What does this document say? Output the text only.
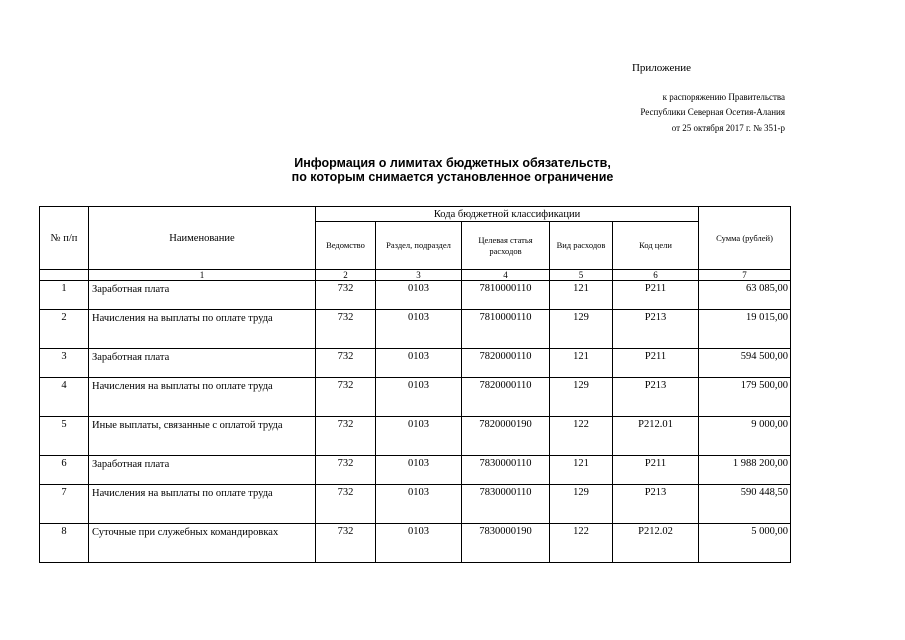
Приложение
к распоряжению Правительства
Республики Северная Осетия-Алания
от 25 октября 2017 г. № 351-р
Информация о лимитах бюджетных обязательств,
по которым снимается установленное ограничение
№ п/п	Наименование	Кода бюджетной классификации					Сумма (рублей)
		Ведомство	Раздел, подраздел	Целевая статья расходов	Вид расходов	Код цели	
	1	2	3	4	5	6	7
1	Заработная плата	732	0103	7810000110	121	Р211	63 085,00
2	Начисления на выплаты по оплате труда	732	0103	7810000110	129	Р213	19 015,00
3	Заработная плата	732	0103	7820000110	121	Р211	594 500,00
4	Начисления на выплаты по оплате труда	732	0103	7820000110	129	Р213	179 500,00
5	Иные выплаты, связанные с оплатой труда	732	0103	7820000190	122	Р212.01	9 000,00
6	Заработная плата	732	0103	7830000110	121	Р211	1 988 200,00
7	Начисления на выплаты по оплате труда	732	0103	7830000110	129	Р213	590 448,50
8	Суточные при служебных командировках	732	0103	7830000190	122	Р212.02	5 000,00
